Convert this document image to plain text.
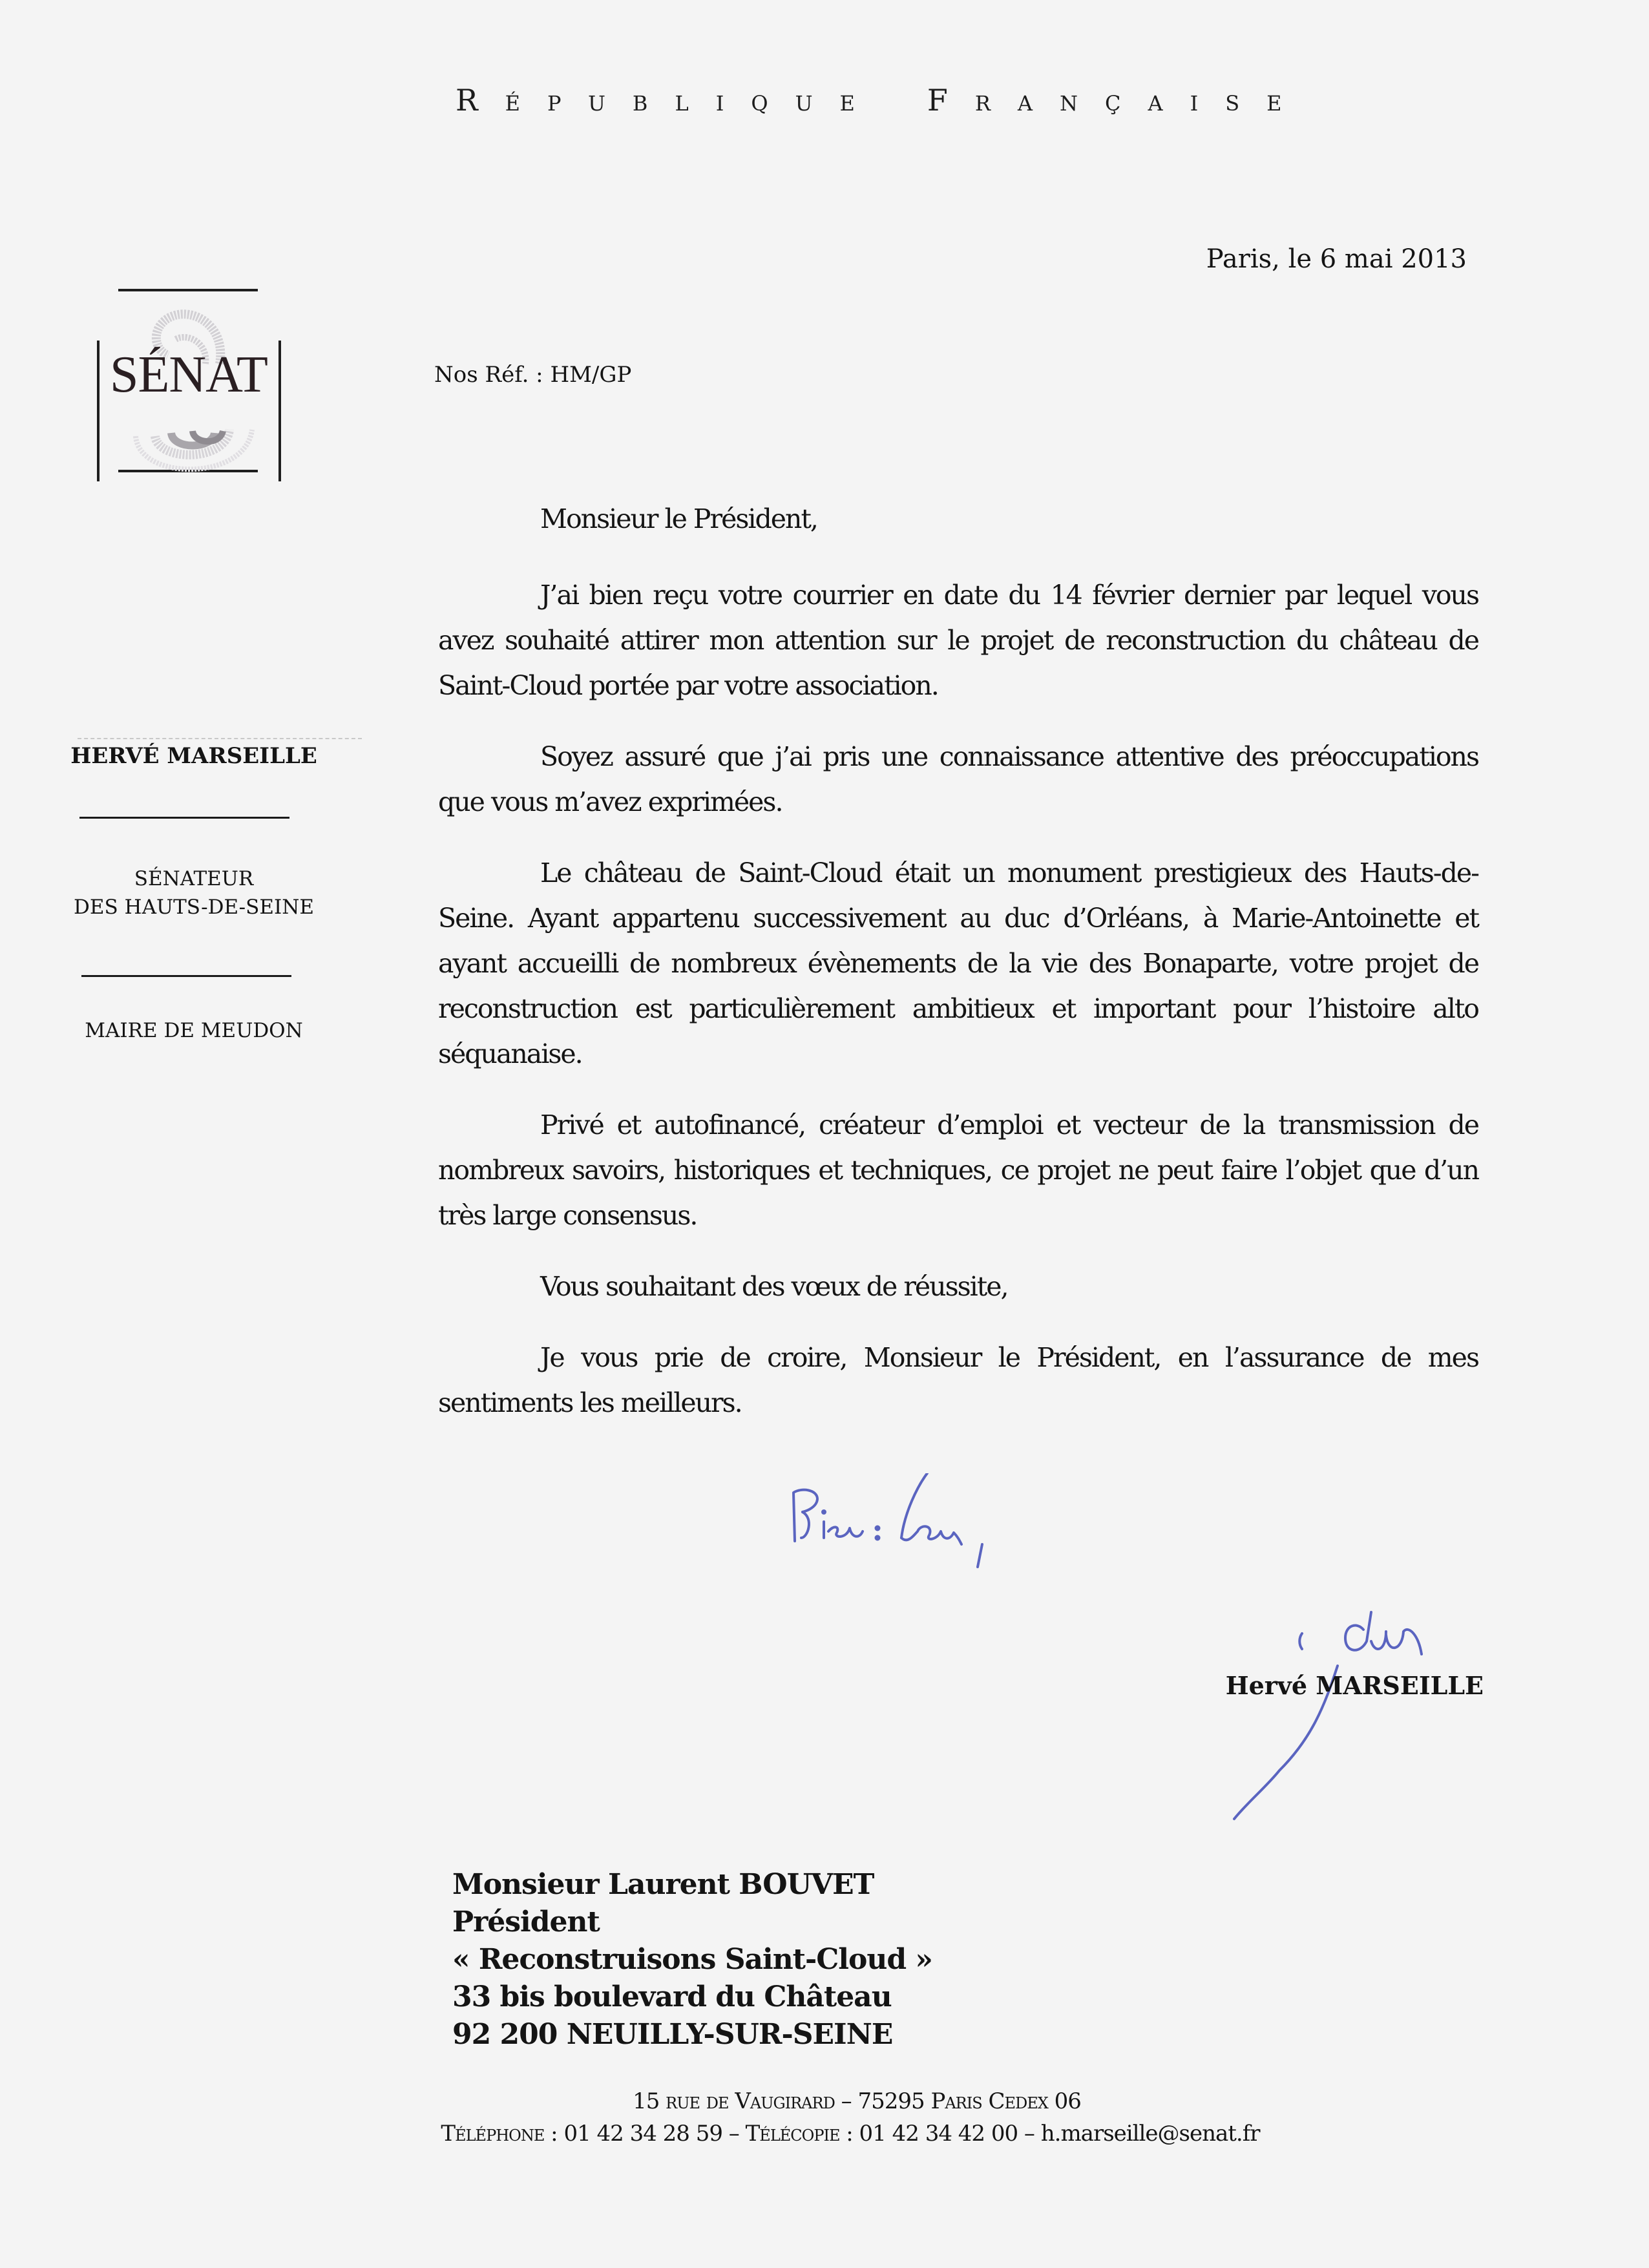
République Française
SÉNAT
HERVÉ MARSEILLE
SÉNATEUR
DES HAUTS-DE-SEINE
MAIRE DE MEUDON
Paris, le 6 mai 2013
Nos Réf. : HM/GP

Monsieur le Président,

J’ai bien reçu votre courrier en date du 14 février dernier par lequel vous avez souhaité attirer mon attention sur le projet de reconstruction du château de Saint-Cloud portée par votre association.

Soyez assuré que j’ai pris une connaissance attentive des préoccupations que vous m’avez exprimées.

Le château de Saint-Cloud était un monument prestigieux des Hauts-de-Seine. Ayant appartenu successivement au duc d’Orléans, à Marie-Antoinette et ayant accueilli de nombreux évènements de la vie des Bonaparte, votre projet de reconstruction est particulièrement ambitieux et important pour l’histoire alto séquanaise.

Privé et autofinancé, créateur d’emploi et vecteur de la transmission de nombreux savoirs, historiques et techniques, ce projet ne peut faire l’objet que d’un très large consensus.

Vous souhaitant des vœux de réussite,

Je vous prie de croire, Monsieur le Président, en l’assurance de mes sentiments les meilleurs.

Hervé MARSEILLE
Monsieur Laurent BOUVET
Président
« Reconstruisons Saint-Cloud »
33 bis boulevard du Château
92 200 NEUILLY-SUR-SEINE
15 rue de Vaugirard – 75295 Paris Cedex 06
Téléphone : 01 42 34 28 59 – Télécopie : 01 42 34 42 00 – h.marseille@senat.fr
